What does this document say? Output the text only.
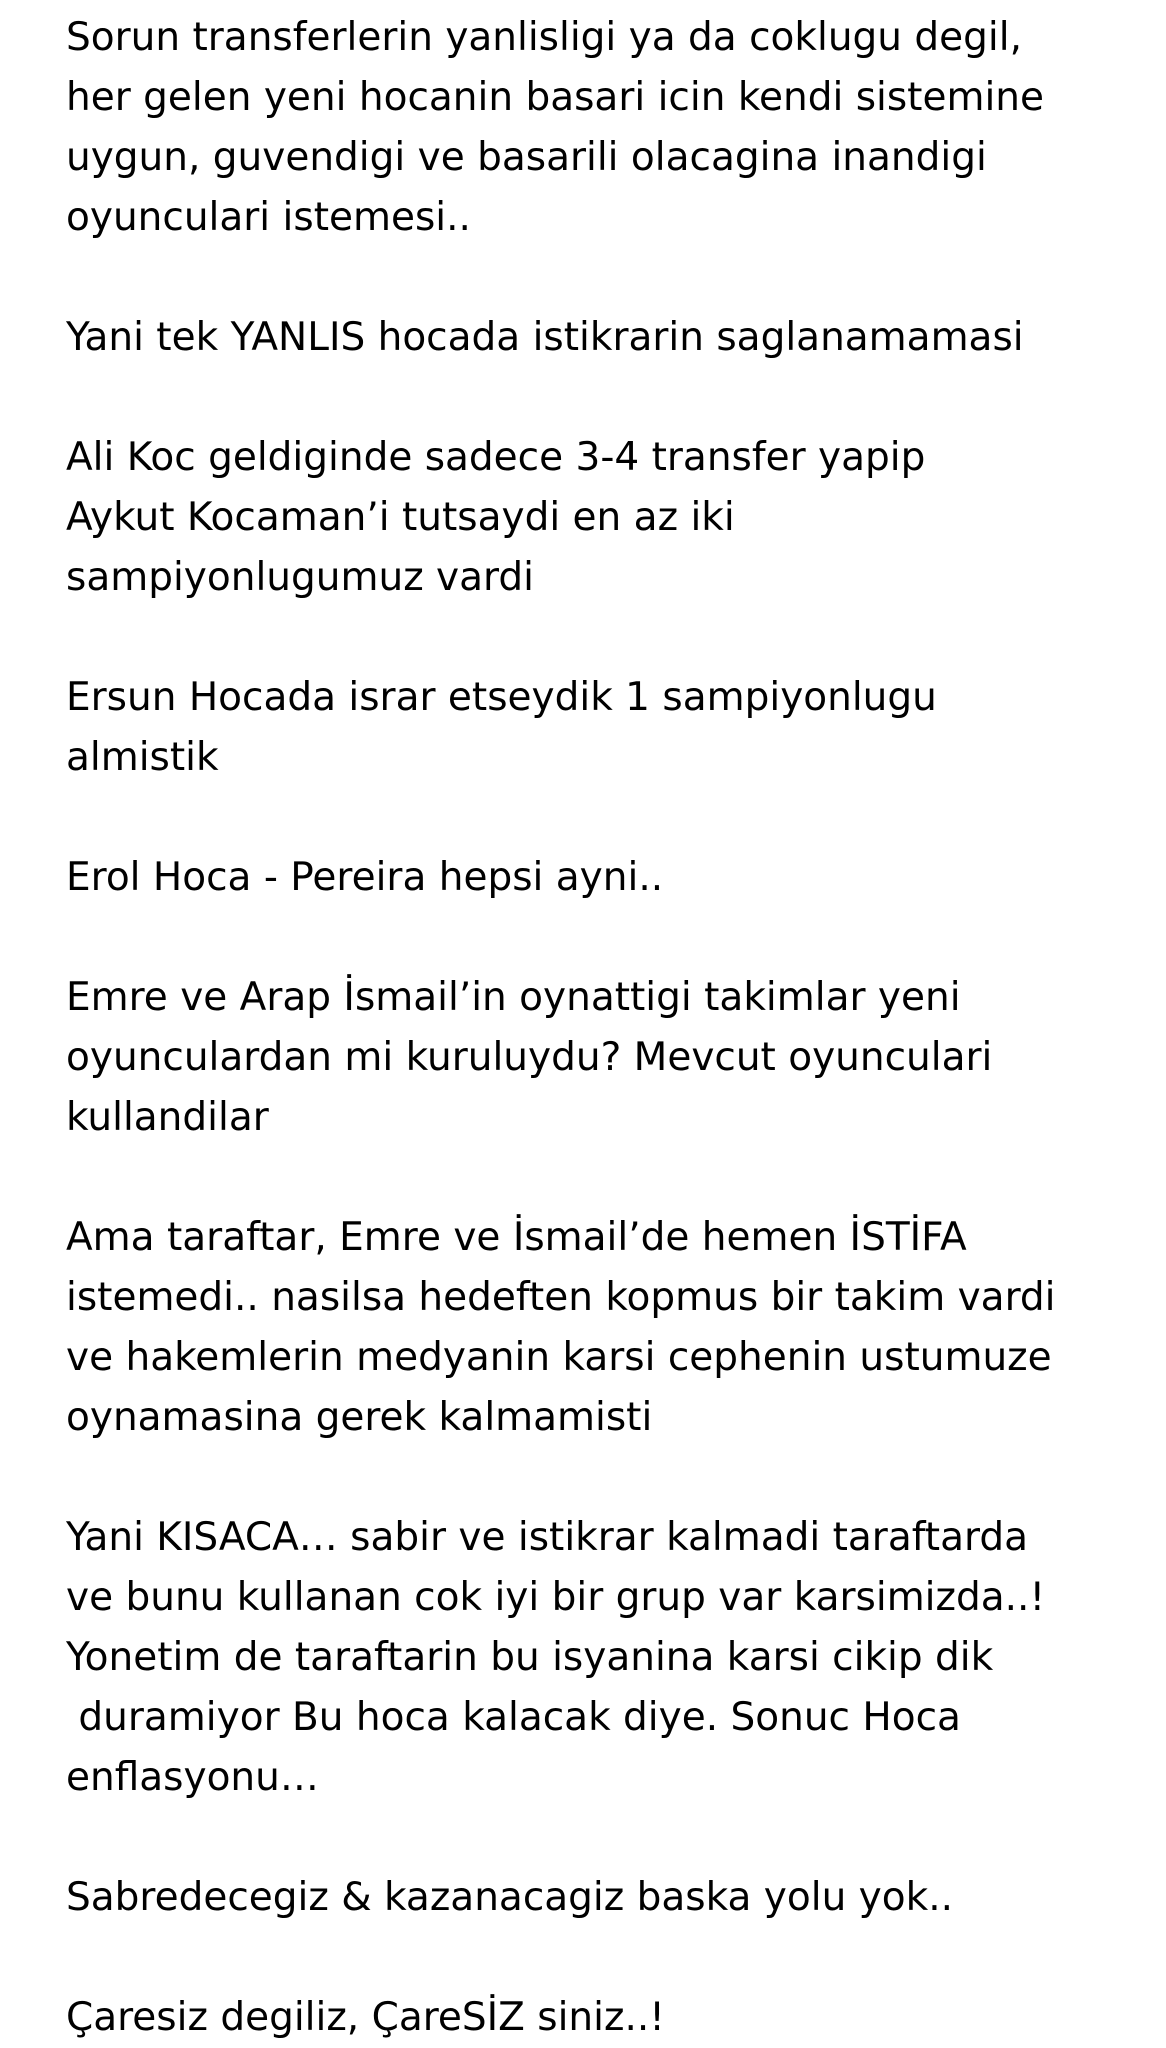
Sorun transferlerin yanlisligi ya da coklugu degil,
her gelen yeni hocanin basari icin kendi sistemine
uygun, guvendigi ve basarili olacagina inandigi
oyunculari istemesi..
Yani tek YANLIS hocada istikrarin saglanamamasi
Ali Koc geldiginde sadece 3-4 transfer yapip
Aykut Kocaman’i tutsaydi en az iki
sampiyonlugumuz vardi
Ersun Hocada israr etseydik 1 sampiyonlugu
almistik
Erol Hoca - Pereira hepsi ayni..
Emre ve Arap İsmail’in oynattigi takimlar yeni
oyunculardan mi kuruluydu? Mevcut oyunculari
kullandilar
Ama taraftar, Emre ve İsmail’de hemen İSTİFA
istemedi.. nasilsa hedeften kopmus bir takim vardi
ve hakemlerin medyanin karsi cephenin ustumuze
oynamasina gerek kalmamisti
Yani KISACA… sabir ve istikrar kalmadi taraftarda
ve bunu kullanan cok iyi bir grup var karsimizda..!
Yonetim de taraftarin bu isyanina karsi cikip dik
duramiyor Bu hoca kalacak diye. Sonuc Hoca
enflasyonu…
Sabredecegiz & kazanacagiz baska yolu yok..
Çaresiz degiliz, ÇareSİZ siniz..!
